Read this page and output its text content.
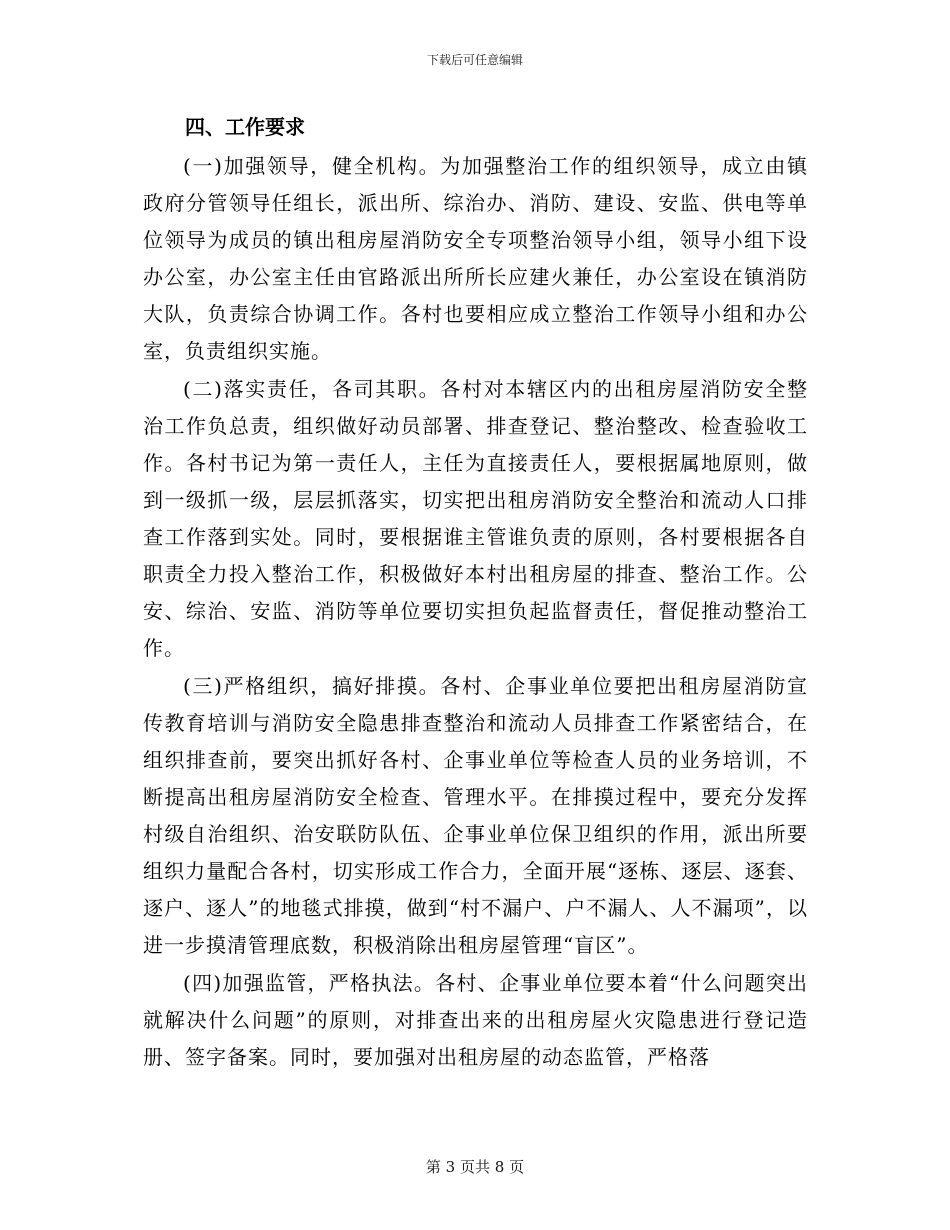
下载后可任意编辑
四、工作要求

(一)加强领导，健全机构。为加强整治工作的组织领导，成立由镇政府分管领导任组长，派出所、综治办、消防、建设、安监、供电等单位领导为成员的镇出租房屋消防安全专项整治领导小组，领导小组下设办公室，办公室主任由官路派出所所长应建火兼任，办公室设在镇消防大队，负责综合协调工作。各村也要相应成立整治工作领导小组和办公室，负责组织实施。

(二)落实责任，各司其职。各村对本辖区内的出租房屋消防安全整治工作负总责，组织做好动员部署、排查登记、整治整改、检查验收工作。各村书记为第一责任人，主任为直接责任人，要根据属地原则，做到一级抓一级，层层抓落实，切实把出租房消防安全整治和流动人口排查工作落到实处。同时，要根据谁主管谁负责的原则，各村要根据各自职责全力投入整治工作，积极做好本村出租房屋的排查、整治工作。公安、综治、安监、消防等单位要切实担负起监督责任，督促推动整治工作。

(三)严格组织，搞好排摸。各村、企事业单位要把出租房屋消防宣传教育培训与消防安全隐患排查整治和流动人员排查工作紧密结合，在组织排查前，要突出抓好各村、企事业单位等检查人员的业务培训，不断提高出租房屋消防安全检查、管理水平。在排摸过程中，要充分发挥村级自治组织、治安联防队伍、企事业单位保卫组织的作用，派出所要组织力量配合各村，切实形成工作合力，全面开展“逐栋、逐层、逐套、逐户、逐人”的地毯式排摸，做到“村不漏户、户不漏人、人不漏项”，以进一步摸清管理底数，积极消除出租房屋管理“盲区”。

(四)加强监管，严格执法。各村、企事业单位要本着“什么问题突出就解决什么问题”的原则，对排查出来的出租房屋火灾隐患进行登记造册、签字备案。同时，要加强对出租房屋的动态监管，严格落

第 3 页共 8 页
